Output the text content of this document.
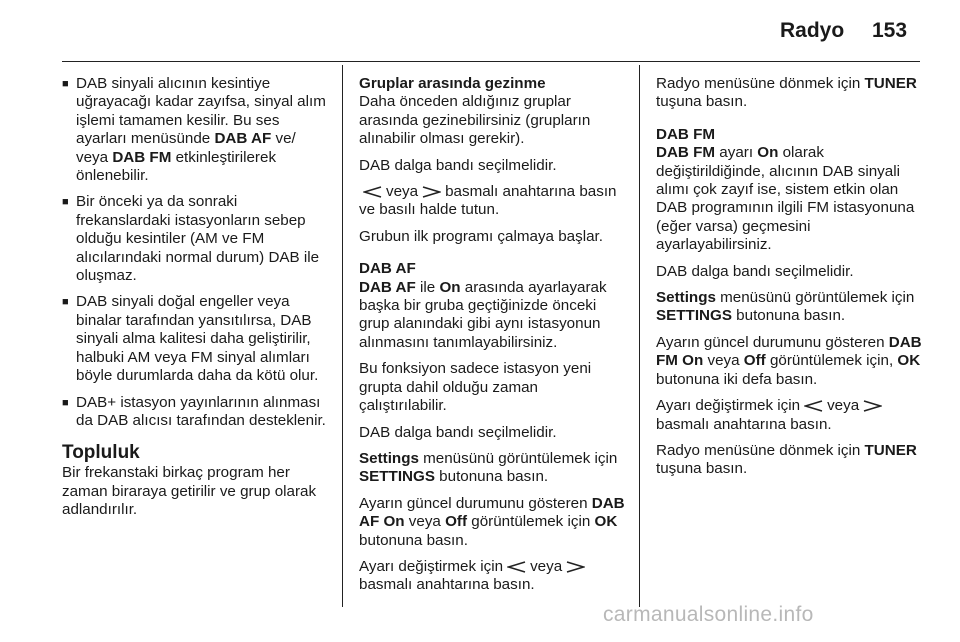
Radyo 153
■ DAB sinyali alıcının kesintiye uğrayacağı kadar zayıfsa, sinyal alım işlemi tamamen kesilir. Bu ses ayarları menüsünde DAB AF ve/ veya DAB FM etkinleştirilerek önlenebilir.
■ Bir önceki ya da sonraki frekanslardaki istasyonların sebep olduğu kesintiler (AM ve FM alıcılarındaki normal durum) DAB ile oluşmaz.
■ DAB sinyali doğal engeller veya binalar tarafından yansıtılırsa, DAB sinyali alma kalitesi daha geliştirilir, halbuki AM veya FM sinyal alımları böyle durumlarda daha da kötü olur.
■ DAB+ istasyon yayınlarının alınması da DAB alıcısı tarafından desteklenir.
Topluluk

Bir frekanstaki birkaç program her zaman biraraya getirilir ve grup olarak adlandırılır.

Gruplar arasında gezinme

Daha önceden aldığınız gruplar arasında gezinebilirsiniz (grupların alınabilir olması gerekir).

DAB dalga bandı seçilmelidir.

veya basmalı anahtarına basın ve basılı halde tutun.

Grubun ilk programı çalmaya başlar.

DAB AF

DAB AF ile On arasında ayarlayarak başka bir gruba geçtiğinizde önceki grup alanındaki gibi aynı istasyonun alınmasını tanımlayabilirsiniz.

Bu fonksiyon sadece istasyon yeni grupta dahil olduğu zaman çalıştırılabilir.

DAB dalga bandı seçilmelidir.

Settings menüsünü görüntülemek için SETTINGS butonuna basın.

Ayarın güncel durumunu gösteren DAB AF On veya Off görüntülemek için OK butonuna basın.

Ayarı değiştirmek için veya

basmalı anahtarına basın.

Radyo menüsüne dönmek için TUNER tuşuna basın.

DAB FM

DAB FM ayarı On olarak değiştirildiğinde, alıcının DAB sinyali alımı çok zayıf ise, sistem etkin olan DAB programının ilgili FM istasyonuna (eğer varsa) geçmesini ayarlayabilirsiniz.

DAB dalga bandı seçilmelidir.

Settings menüsünü görüntülemek için SETTINGS butonuna basın.

Ayarın güncel durumunu gösteren DAB FM On veya Off görüntülemek için, OK butonuna iki defa basın.

Ayarı değiştirmek için veya

basmalı anahtarına basın.

Radyo menüsüne dönmek için TUNER tuşuna basın.

carmanualsonline.info
